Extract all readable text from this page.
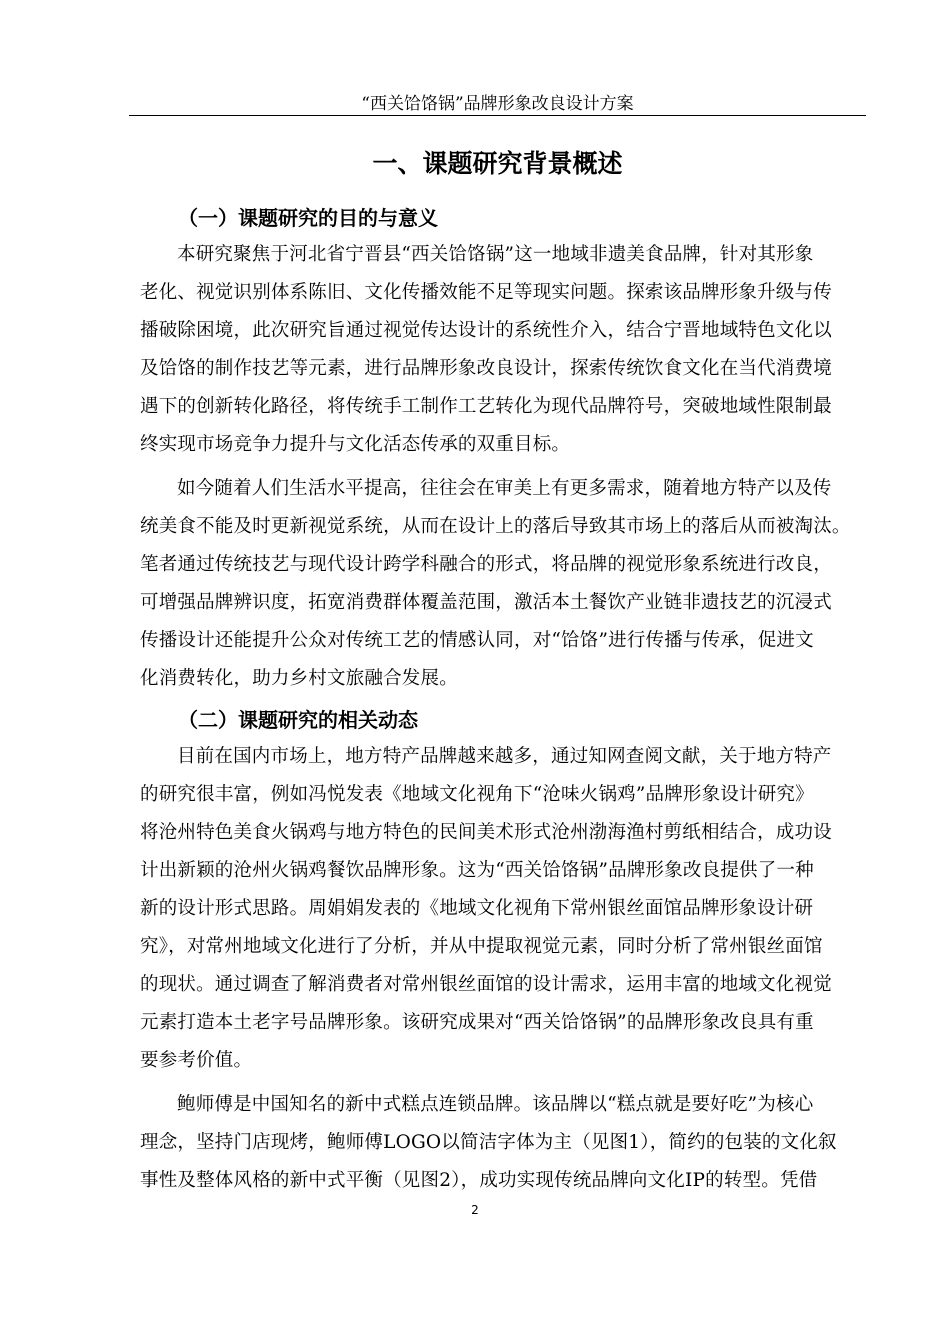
“西关饸饹锅”品牌形象改良设计方案
一、课题研究背景概述
（一）课题研究的目的与意义
本研究聚焦于河北省宁晋县“西关饸饹锅”这一地域非遗美食品牌，针对其形象
老化、视觉识别体系陈旧、文化传播效能不足等现实问题。探索该品牌形象升级与传
播破除困境，此次研究旨通过视觉传达设计的系统性介入，结合宁晋地域特色文化以
及饸饹的制作技艺等元素，进行品牌形象改良设计，探索传统饮食文化在当代消费境
遇下的创新转化路径，将传统手工制作工艺转化为现代品牌符号，突破地域性限制最
终实现市场竞争力提升与文化活态传承的双重目标。
如今随着人们生活水平提高，往往会在审美上有更多需求，随着地方特产以及传
统美食不能及时更新视觉系统，从而在设计上的落后导致其市场上的落后从而被淘汰。
笔者通过传统技艺与现代设计跨学科融合的形式，将品牌的视觉形象系统进行改良，
可增强品牌辨识度，拓宽消费群体覆盖范围，激活本土餐饮产业链非遗技艺的沉浸式
传播设计还能提升公众对传统工艺的情感认同，对“饸饹”进行传播与传承，促进文
化消费转化，助力乡村文旅融合发展。
（二）课题研究的相关动态
目前在国内市场上，地方特产品牌越来越多，通过知网查阅文献，关于地方特产
的研究很丰富，例如冯悦发表《地域文化视角下“沧味火锅鸡”品牌形象设计研究》
将沧州特色美食火锅鸡与地方特色的民间美术形式沧州渤海渔村剪纸相结合，成功设
计出新颖的沧州火锅鸡餐饮品牌形象。这为“西关饸饹锅”品牌形象改良提供了一种
新的设计形式思路。周娟娟发表的《地域文化视角下常州银丝面馆品牌形象设计研
究》，对常州地域文化进行了分析，并从中提取视觉元素，同时分析了常州银丝面馆
的现状。通过调查了解消费者对常州银丝面馆的设计需求，运用丰富的地域文化视觉
元素打造本土老字号品牌形象。该研究成果对“西关饸饹锅”的品牌形象改良具有重
要参考价值。
鲍师傅是中国知名的新中式糕点连锁品牌。该品牌以“糕点就是要好吃”为核心
理念，坚持门店现烤，鲍师傅LOGO以简洁字体为主（见图1），简约的包装的文化叙
事性及整体风格的新中式平衡（见图2），成功实现传统品牌向文化IP的转型。凭借
2
